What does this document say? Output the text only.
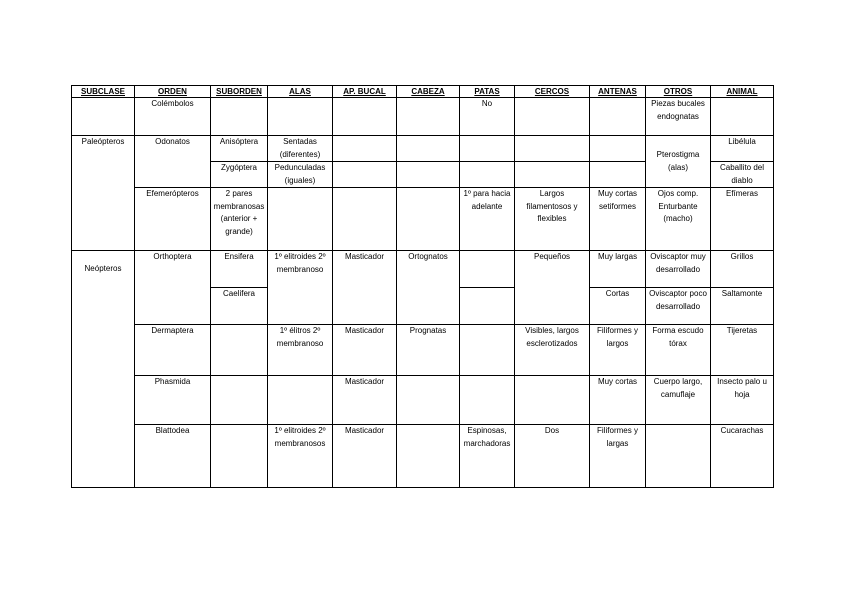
SUBCLASE	ORDEN	SUBORDEN	ALAS	AP. BUCAL	CABEZA	PATAS	CERCOS	ANTENAS	OTROS	ANIMAL
	Colémbolos					No			Piezas bucales endognatas	
Paleópteros	Odonatos	Anisóptera	Sentadas (diferentes)						Pterostigma (alas)	Libélula
		Zygóptera	Pedunculadas (iguales)							Caballito del diablo
	Efemerópteros	2 pares membranosas (anterior + grande)				1º para hacia adelante	Largos filamentosos y flexibles	Muy cortas setiformes	Ojos comp. Enturbante (macho)	Efímeras

Neópteros	Orthoptera	Ensifera	1º elitroides 2º membranoso	Masticador	Ortognatos		Pequeños	Muy largas	Oviscaptor muy desarrollado	Grillos
		Caelifera						Cortas	Oviscaptor poco desarrollado	Saltamonte
	Dermaptera		1º élitros 2º membranoso	Masticador	Prognatas		Visibles, largos esclerotizados	Filiformes y largos	Forma escudo tórax	Tijeretas
	Phasmida			Masticador				Muy cortas	Cuerpo largo, camuflaje	Insecto palo u hoja
	Blattodea		1º elitroides 2º membranosos	Masticador		Espinosas, marchadoras	Dos	Filiformes y largas		Cucarachas
